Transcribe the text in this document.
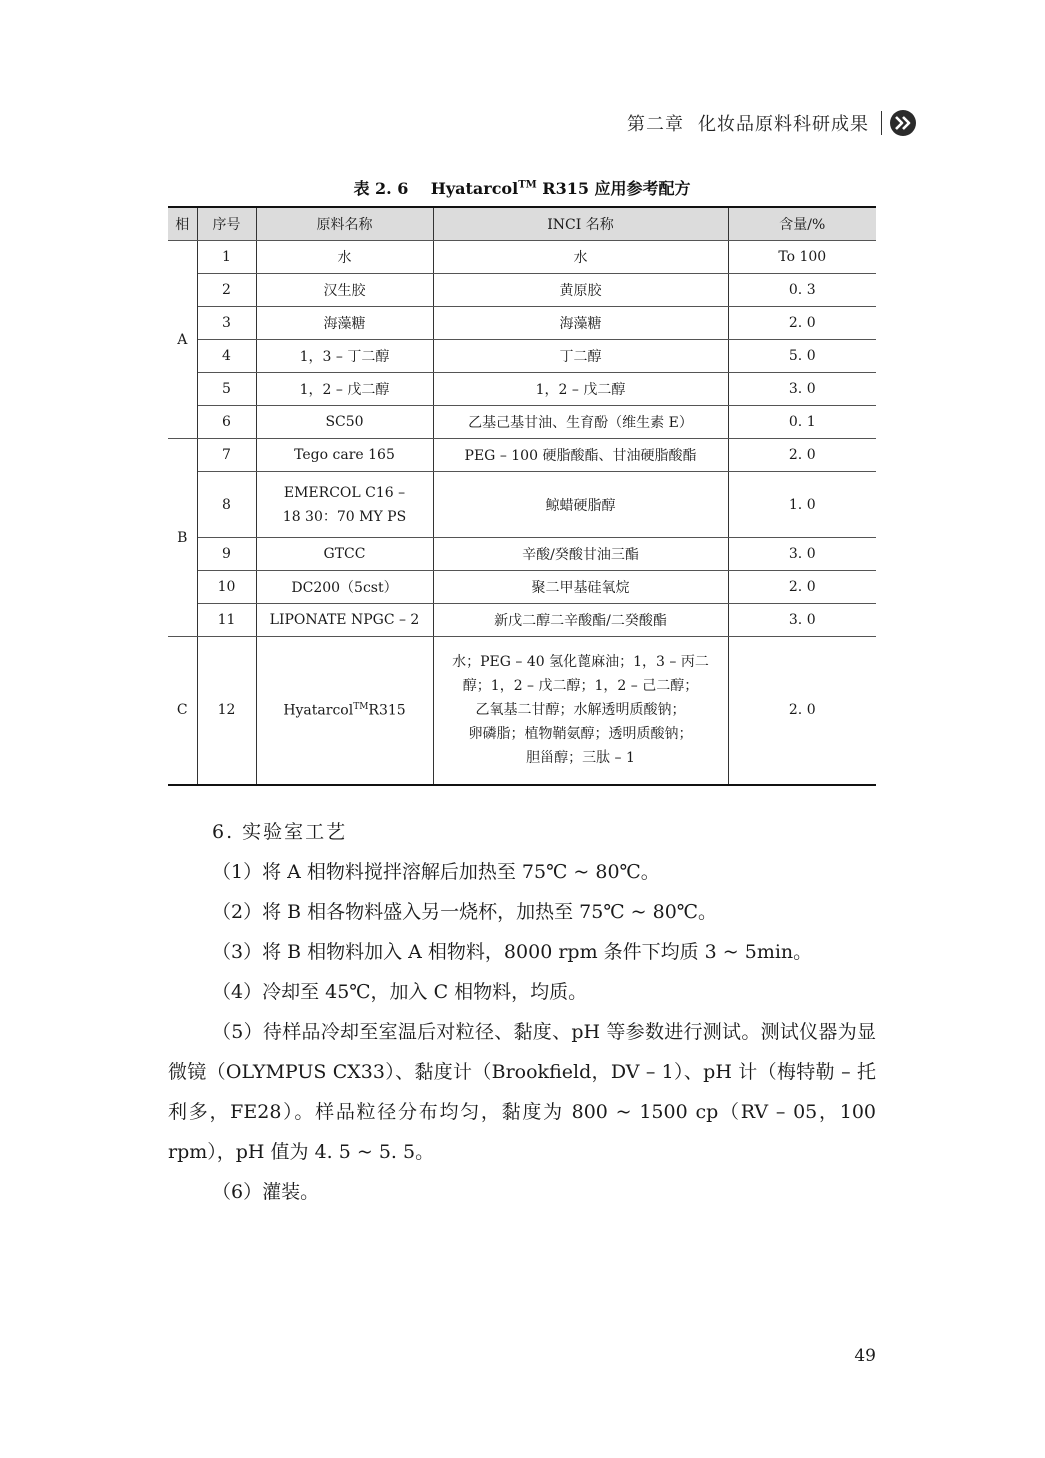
第二章 化妆品原料科研成果
表 2. 6 Hyatarcol™ R315 应用参考配方
相	序号	原料名称	INCI 名称	含量/%
A	1	水	水	To 100
	2	汉生胶	黄原胶	0. 3
	3	海藻糖	海藻糖	2. 0
	4	1，3 – 丁二醇	丁二醇	5. 0
	5	1，2 – 戊二醇	1，2 – 戊二醇	3. 0
	6	SC50	乙基己基甘油、生育酚（维生素 E）	0. 1
B	7	Tego care 165	PEG – 100 硬脂酸酯、甘油硬脂酸酯	2. 0
	8	EMERCOL C16 –
18 30：70 MY PS	鲸蜡硬脂醇	1. 0
	9	GTCC	辛酸/癸酸甘油三酯	3. 0
	10	DC200（5cst）	聚二甲基硅氧烷	2. 0
	11	LIPONATE NPGC – 2	新戊二醇二辛酸酯/二癸酸酯	3. 0
C	12	Hyatarcol™R315	水；PEG – 40 氢化蓖麻油；1，3 – 丙二
醇；1，2 – 戊二醇；1，2 – 己二醇；
乙氧基二甘醇；水解透明质酸钠；
卵磷脂；植物鞘氨醇；透明质酸钠；
胆甾醇；三肽 – 1	2. 0

6. 实验室工艺

（1）将 A 相物料搅拌溶解后加热至 75℃ ~ 80℃。

（2）将 B 相各物料盛入另一烧杯，加热至 75℃ ~ 80℃。

（3）将 B 相物料加入 A 相物料，8000 rpm 条件下均质 3 ~ 5min。

（4）冷却至 45℃，加入 C 相物料，均质。

（5）待样品冷却至室温后对粒径、黏度、pH 等参数进行测试。测试仪器为显微镜（OLYMPUS CX33）、黏度计（Brookfield，DV – 1）、pH 计（梅特勒 – 托利多，FE28）。样品粒径分布均匀，黏度为 800 ~ 1500 cp（RV – 05，100 rpm），pH 值为 4. 5 ~ 5. 5。

（6）灌装。

49
